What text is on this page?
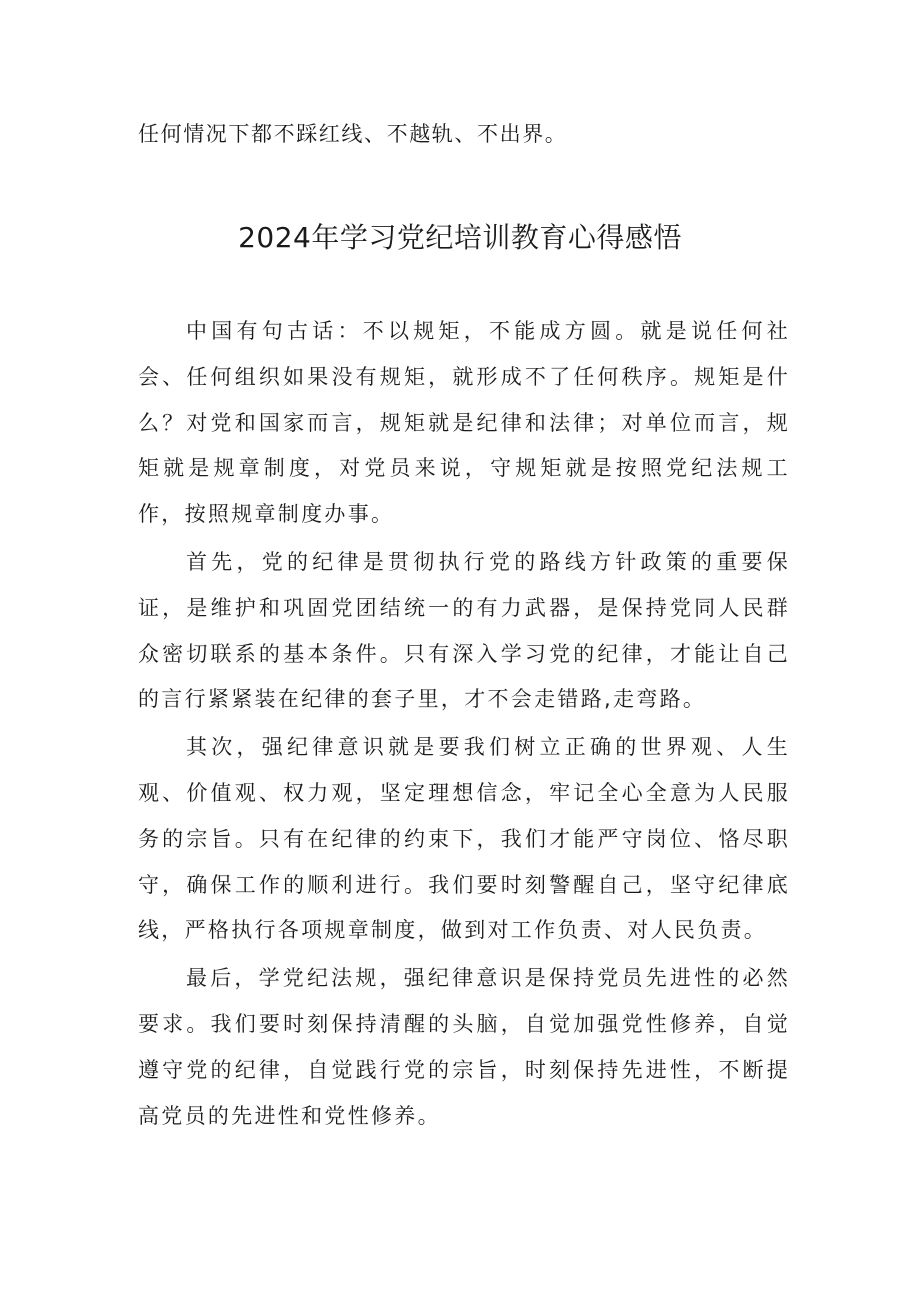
任何情况下都不踩红线、不越轨、不出界。
2024年学习党纪培训教育心得感悟

中国有句古话：不以规矩，不能成方圆。就是说任何社会、任何组织如果没有规矩，就形成不了任何秩序。规矩是什么？对党和国家而言，规矩就是纪律和法律；对单位而言，规矩就是规章制度，对党员来说，守规矩就是按照党纪法规工作，按照规章制度办事。

首先，党的纪律是贯彻执行党的路线方针政策的重要保证，是维护和巩固党团结统一的有力武器，是保持党同人民群众密切联系的基本条件。只有深入学习党的纪律，才能让自己的言行紧紧装在纪律的套子里，才不会走错路,走弯路。

其次，强纪律意识就是要我们树立正确的世界观、人生观、价值观、权力观，坚定理想信念，牢记全心全意为人民服务的宗旨。只有在纪律的约束下，我们才能严守岗位、恪尽职守，确保工作的顺利进行。我们要时刻警醒自己，坚守纪律底线，严格执行各项规章制度，做到对工作负责、对人民负责。

最后，学党纪法规，强纪律意识是保持党员先进性的必然要求。我们要时刻保持清醒的头脑，自觉加强党性修养，自觉遵守党的纪律，自觉践行党的宗旨，时刻保持先进性，不断提高党员的先进性和党性修养。
